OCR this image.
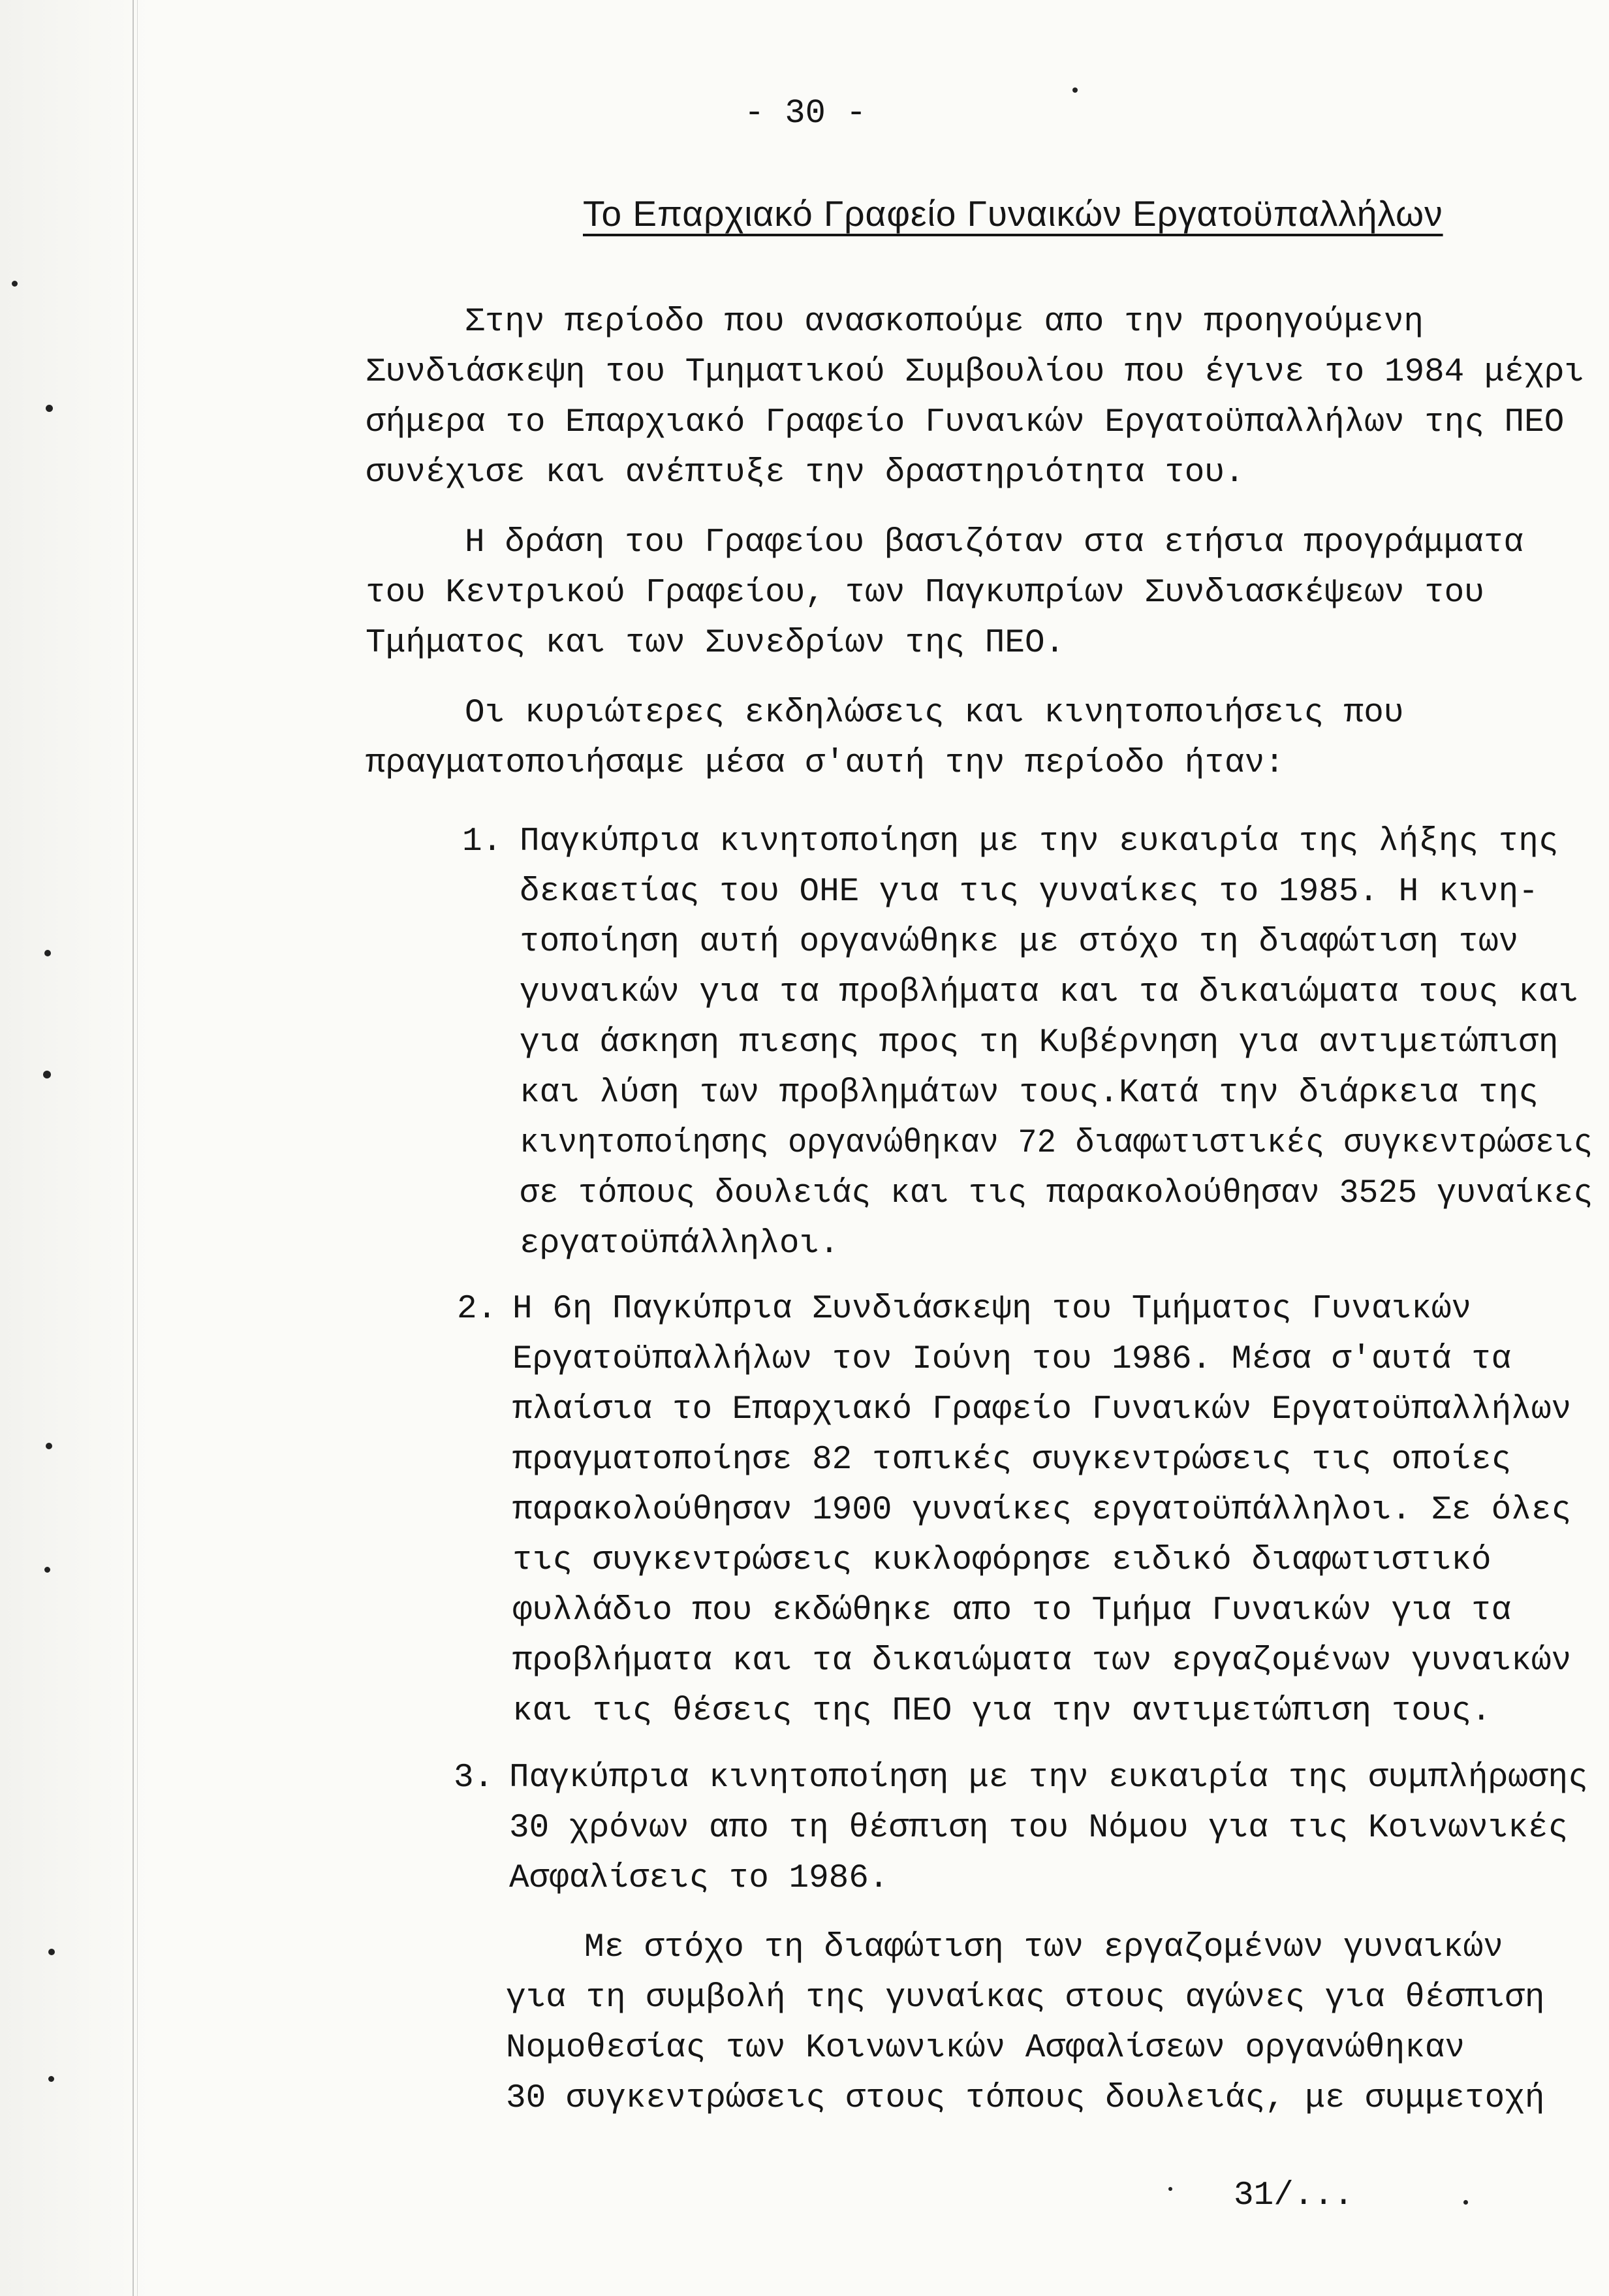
- 30 -
Το Επαρχιακό Γραφείο Γυναικών Εργατοϋπαλλήλων
Στην περίοδο που ανασκοπούμε απο την προηγούμενη
Συνδιάσκεψη του Τμηματικού Συμβουλίου που έγινε το 1984 μέχρι
σήμερα το Επαρχιακό Γραφείο Γυναικών Εργατοϋπαλλήλων της ΠΕΟ
συνέχισε και ανέπτυξε την δραστηριότητα του.
Η δράση του Γραφείου βασιζόταν στα ετήσια προγράμματα
του Κεντρικού Γραφείου, των Παγκυπρίων Συνδιασκέψεων του
Τμήματος και των Συνεδρίων της ΠΕΟ.
Οι κυριώτερες εκδηλώσεις και κινητοποιήσεις που
πραγματοποιήσαμε μέσα σ'αυτή την περίοδο ήταν:
1. Παγκύπρια κινητοποίηση με την ευκαιρία της λήξης της
δεκαετίας του ΟΗΕ για τις γυναίκες το 1985. Η κινη-
τοποίηση αυτή οργανώθηκε με στόχο τη διαφώτιση των
γυναικών για τα προβλήματα και τα δικαιώματα τους και
για άσκηση πιεσης προς τη Κυβέρνηση για αντιμετώπιση
και λύση των προβλημάτων τους.Κατά την διάρκεια της
κινητοποίησης οργανώθηκαν 72 διαφωτιστικές συγκεντρώσεις
σε τόπους δουλειάς και τις παρακολούθησαν 3525 γυναίκες
εργατοϋπάλληλοι.
2. Η 6η Παγκύπρια Συνδιάσκεψη του Τμήματος Γυναικών
Εργατοϋπαλλήλων τον Ιούνη του 1986. Μέσα σ'αυτά τα
πλαίσια το Επαρχιακό Γραφείο Γυναικών Εργατοϋπαλλήλων
πραγματοποίησε 82 τοπικές συγκεντρώσεις τις οποίες
παρακολούθησαν 1900 γυναίκες εργατοϋπάλληλοι. Σε όλες
τις συγκεντρώσεις κυκλοφόρησε ειδικό διαφωτιστικό
φυλλάδιο που εκδώθηκε απο το Τμήμα Γυναικών για τα
προβλήματα και τα δικαιώματα των εργαζομένων γυναικών
και τις θέσεις της ΠΕΟ για την αντιμετώπιση τους.
3. Παγκύπρια κινητοποίηση με την ευκαιρία της συμπλήρωσης
30 χρόνων απο τη θέσπιση του Νόμου για τις Κοινωνικές
Ασφαλίσεις το 1986.
Με στόχο τη διαφώτιση των εργαζομένων γυναικών
για τη συμβολή της γυναίκας στους αγώνες για θέσπιση
Νομοθεσίας των Κοινωνικών Ασφαλίσεων οργανώθηκαν
30 συγκεντρώσεις στους τόπους δουλειάς, με συμμετοχή
31/...
